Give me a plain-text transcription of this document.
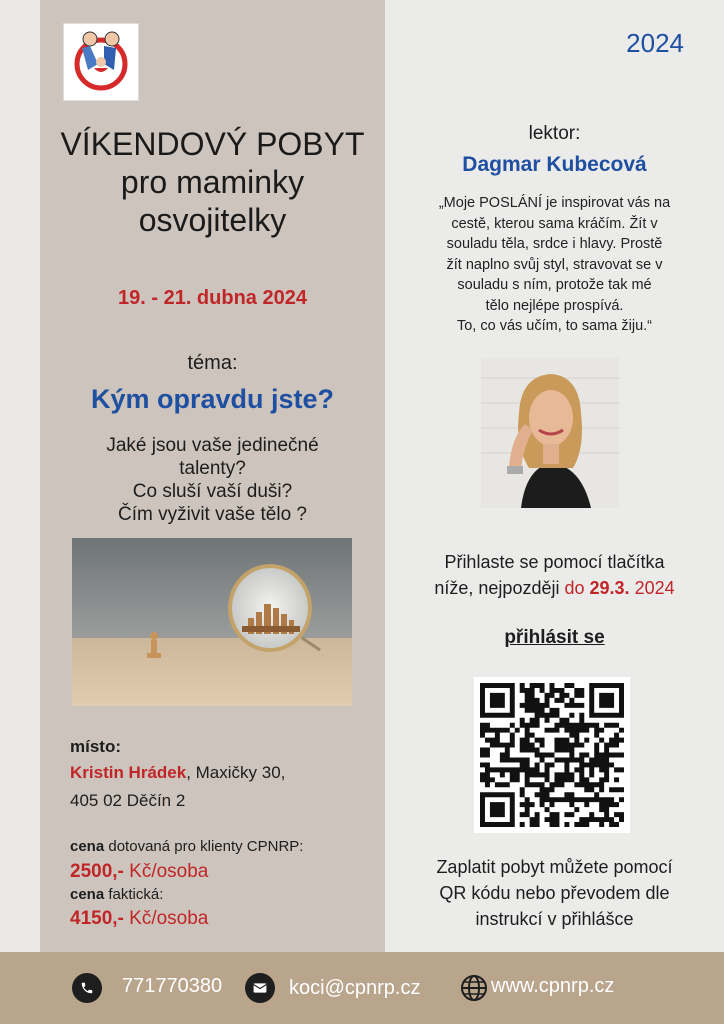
2024
VÍKENDOVÝ POBYT
pro maminky
osvojitelky
19. - 21. dubna 2024
téma:
Kým opravdu jste?
Jaké jsou vaše jedinečné
talenty?
Co sluší vaší duši?
Čím vyživit vaše tělo ?
místo:
Kristin Hrádek, Maxičky 30,
405 02 Děčín 2
cena dotovaná pro klienty CPNRP:
2500,- Kč/osoba
cena faktická:
4150,- Kč/osoba
lektor:
Dagmar Kubecová
„Moje POSLÁNÍ je inspirovat vás na
cestě, kterou sama kráčím. Žít v
souladu těla, srdce i hlavy. Prostě
žít naplno svůj styl, stravovat se v
souladu s ním, protože tak mé
tělo nejlépe prospívá.
To, co vás učím, to sama žiju.“
Přihlaste se pomocí tlačítka
níže, nejpozději do 29.3. 2024
přihlásit se
Zaplatit pobyt můžete pomocí
QR kódu nebo převodem dle
instrukcí v přihlášce
771770380	koci@cpnrp.cz	www.cpnrp.cz
